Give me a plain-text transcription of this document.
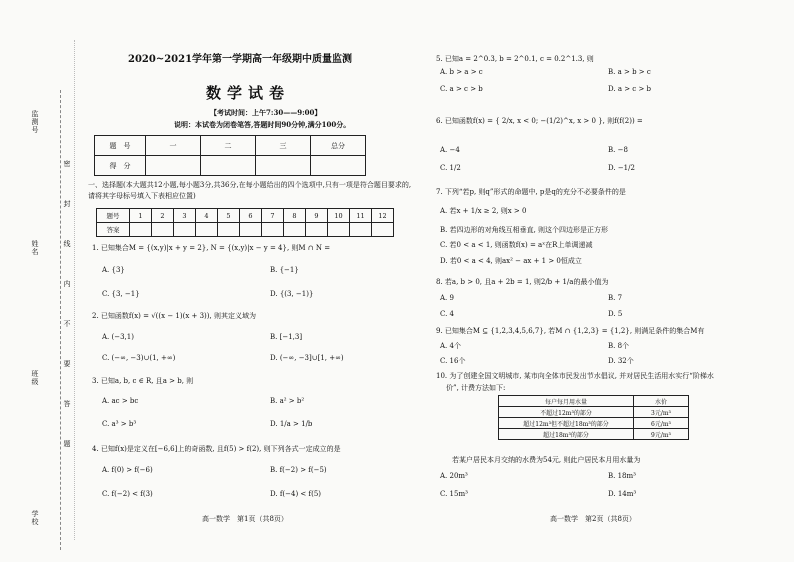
监测号
姓名
班级
学校
密
封
线
内
不
要
答
题
2020~2021学年第一学期高一年级期中质量监测
数学试卷
【考试时间：上午7:30——9:00】
说明：本试卷为闭卷笔答,答题时间90分钟,满分100分。
题　号	一	二	三	总分
得　分				
一、选择题(本大题共12小题,每小题3分,共36分,在每小题给出的四个选项中,只有一项是符合题目要求的,请将其字母标号填入下表相应位置)
题号	1	2	3	4	5	6	7	8	9	10	11	12
答案												
1. 已知集合M = {(x,y)|x + y = 2}, N = {(x,y)|x − y = 4}, 则M ∩ N =
A. {3}	B. {−1}
C. {3, −1}	D. {(3, −1)}
2. 已知函数f(x) = √((x − 1)(x + 3)), 则其定义域为
A. (−3,1)	B. [−1,3]
C. (−∞, −3)∪(1, +∞)	D. (−∞, −3]∪[1, +∞)
3. 已知a, b, c ∈ R, 且a > b, 则
A. ac > bc	B. a² > b²
C. a³ > b³	D. 1/a > 1/b
4. 已知f(x)是定义在[−6,6]上的奇函数, 且f(5) > f(2), 则下列各式一定成立的是
A. f(0) > f(−6)	B. f(−2) > f(−5)
C. f(−2) < f(3)	D. f(−4) < f(5)
高一数学　第1页（共8页）
5. 已知a = 2^0.3, b = 2^0.1, c = 0.2^1.3, 则
A. b > a > c	B. a > b > c
C. a > c > b	D. a > c > b
6. 已知函数f(x) = { 2/x, x < 0; −(1/2)^x, x > 0 }, 则f(f(2)) =
A. −4	B. −8
C. 1/2	D. −1/2
7. 下列“若p, 则q”形式的命题中, p是q的充分不必要条件的是
A. 若x + 1/x ≥ 2, 则x > 0
B. 若四边形的对角线互相垂直, 则这个四边形是正方形
C. 若0 < a < 1, 则函数f(x) = aˣ在R上单调递减
D. 若0 < a < 4, 则ax² − ax + 1 > 0恒成立
8. 若a, b > 0, 且a + 2b = 1, 则2/b + 1/a的最小值为
A. 9	B. 7
C. 4	D. 5
9. 已知集合M ⊆ {1,2,3,4,5,6,7}, 若M ∩ {1,2,3} = {1,2}, 则满足条件的集合M有
A. 4个	B. 8个
C. 16个	D. 32个
10. 为了创建全国文明城市, 某市向全体市民发出节水倡议, 并对居民生活用水实行“阶梯水
价”, 计费方法如下:
每户每月用水量	水价
不超过12m³的部分	3元/m³
超过12m³但不超过18m³的部分	6元/m³
超过18m³的部分	9元/m³
若某户居民本月交纳的水费为54元, 则此户居民本月用水量为
A. 20m³	B. 18m³
C. 15m³	D. 14m³
高一数学　第2页（共8页）
